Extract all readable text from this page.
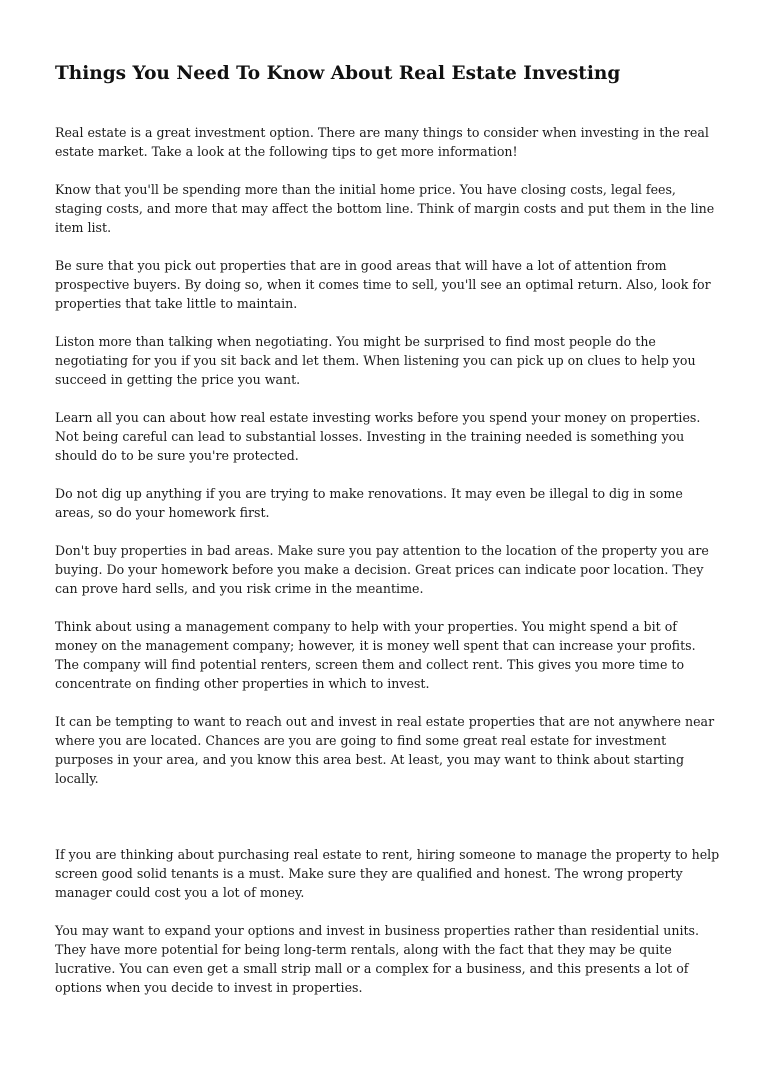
Things You Need To Know About Real Estate Investing

Real estate is a great investment option. There are many things to consider when investing in the real estate market. Take a look at the following tips to get more information!

Know that you'll be spending more than the initial home price. You have closing costs, legal fees, staging costs, and more that may affect the bottom line. Think of margin costs and put them in the line item list.

Be sure that you pick out properties that are in good areas that will have a lot of attention from prospective buyers. By doing so, when it comes time to sell, you'll see an optimal return. Also, look for properties that take little to maintain.

Liston more than talking when negotiating. You might be surprised to find most people do the negotiating for you if you sit back and let them. When listening you can pick up on clues to help you succeed in getting the price you want.

Learn all you can about how real estate investing works before you spend your money on properties. Not being careful can lead to substantial losses. Investing in the training needed is something you should do to be sure you're protected.

Do not dig up anything if you are trying to make renovations. It may even be illegal to dig in some areas, so do your homework first.

Don't buy properties in bad areas. Make sure you pay attention to the location of the property you are buying. Do your homework before you make a decision. Great prices can indicate poor location. They can prove hard sells, and you risk crime in the meantime.

Think about using a management company to help with your properties. You might spend a bit of money on the management company; however, it is money well spent that can increase your profits. The company will find potential renters, screen them and collect rent. This gives you more time to concentrate on finding other properties in which to invest.

It can be tempting to want to reach out and invest in real estate properties that are not anywhere near where you are located. Chances are you are going to find some great real estate for investment purposes in your area, and you know this area best. At least, you may want to think about starting locally.

If you are thinking about purchasing real estate to rent, hiring someone to manage the property to help screen good solid tenants is a must. Make sure they are qualified and honest. The wrong property manager could cost you a lot of money.

You may want to expand your options and invest in business properties rather than residential units. They have more potential for being long-term rentals, along with the fact that they may be quite lucrative. You can even get a small strip mall or a complex for a business, and this presents a lot of options when you decide to invest in properties.
